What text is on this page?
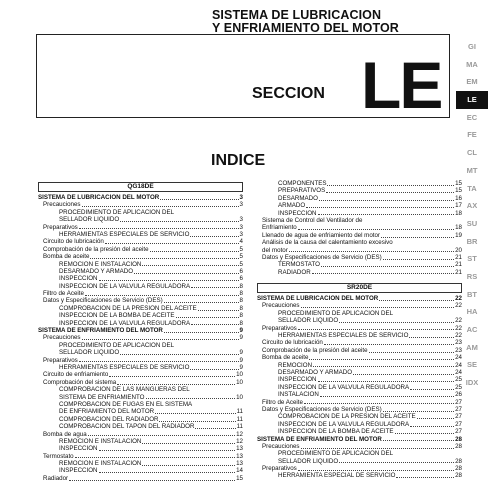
SISTEMA DE LUBRICACION
Y ENFRIAMIENTO DEL MOTOR
SECCION LE
INDICE
GI
MA
EM
LE
EC
FE
CL
MT
TA
AX
SU
BR
ST
RS
BT
HA
AC
AM
SE
IDX
QG18DE
SISTEMA DE LUBRICACION DEL MOTOR	3
Precauciones	3
PROCEDIMIENTO DE APLICACION DEL
SELLADOR LIQUIDO	3
Preparativos	3
HERRAMIENTAS ESPECIALES DE SERVICIO	3
Circuito de lubricación	4
Comprobación de la presión del aceite	5
Bomba de aceite	5
REMOCION E INSTALACION	5
DESARMADO Y ARMADO	6
INSPECCION	6
INSPECCION DE LA VALVULA REGULADORA	8
Filtro de Aceite	8
Datos y Especificaciones de Servicio (DES)	8
COMPROBACION DE LA PRESION DEL ACEITE	8
INSPECCION DE LA BOMBA DE ACEITE	8
INSPECCION DE LA VALVULA REGULADORA	8
SISTEMA DE ENFRIAMIENTO DEL MOTOR	9
Precauciones	9
PROCEDIMIENTO DE APLICACION DEL
SELLADOR LIQUIDO	9
Preparativos	9
HERRAMIENTAS ESPECIALES DE SERVICIO	9
Circuito de enfriamiento	10
Comprobación del sistema	10
COMPROBACION DE LAS MANGUERAS DEL
SISTEMA DE ENFRIAMIENTO	10
COMPROBACION DE FUGAS EN EL SISTEMA
DE ENFRIAMIENTO DEL MOTOR	11
COMPROBACION DEL RADIADOR	11
COMPROBACION DEL TAPON DEL RADIADOR	11
Bomba de agua	12
REMOCION E INSTALACION	12
INSPECCION	13
Termostato	13
REMOCION E INSTALACION	13
INSPECCION	14
Radiador	15
COMPONENTES	15
PREPARATIVOS	15
DESARMADO	16
ARMADO	17
INSPECCION	18
Sistema de Control del Ventilador de
Enfriamiento	18
Llenado de agua de enfriamiento del motor	19
Análisis de la causa del calentamiento excesivo
del motor	20
Datos y Especificaciones de Servicio (DES)	21
TERMOSTATO	21
RADIADOR	21
SR20DE
SISTEMA DE LUBRICACION DEL MOTOR	22
Precauciones	22
PROCEDIMIENTO DE APLICACION DEL
SELLADOR LIQUIDO	22
Preparativos	22
HERRAMIENTAS ESPECIALES DE SERVICIO	22
Circuito de lubricación	23
Comprobación de la presión del aceite	23
Bomba de aceite	24
REMOCION	24
DESARMADO Y ARMADO	24
INSPECCION	25
INSPECCION DE LA VALVULA REGULADORA	25
INSTALACION	26
Filtro de Aceite	27
Datos y Especificaciones de Servicio (DES)	27
COMPROBACION DE LA PRESION DEL ACEITE	27
INSPECCION DE LA VALVULA REGULADORA	27
INSPECCION DE LA BOMBA DE ACEITE	27
SISTEMA DE ENFRIAMIENTO DEL MOTOR	28
Precauciones	28
PROCEDIMIENTO DE APLICACION DEL
SELLADOR LIQUIDO	28
Preparativos	28
HERRAMIENTA ESPECIAL DE SERVICIO	28
